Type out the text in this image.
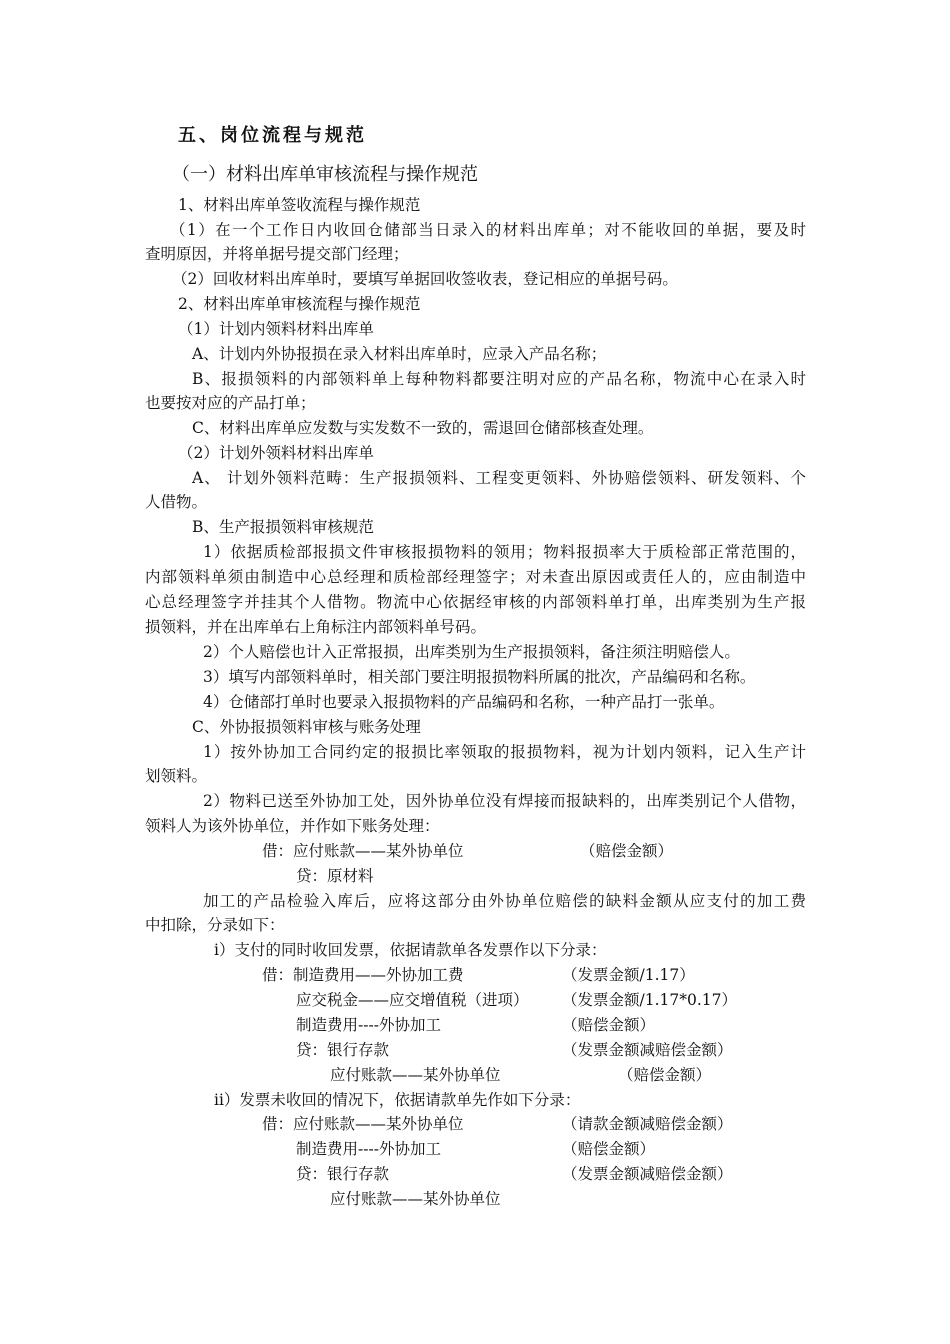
五、岗位流程与规范
（一）材料出库单审核流程与操作规范
1、材料出库单签收流程与操作规范
（1）在一个工作日内收回仓储部当日录入的材料出库单；对不能收回的单据，要及时
查明原因，并将单据号提交部门经理；
（2）回收材料出库单时，要填写单据回收签收表，登记相应的单据号码。
2、材料出库单审核流程与操作规范
（1）计划内领料材料出库单
A、计划内外协报损在录入材料出库单时，应录入产品名称；
B、报损领料的内部领料单上每种物料都要注明对应的产品名称，物流中心在录入时
也要按对应的产品打单；
C、材料出库单应发数与实发数不一致的，需退回仓储部核查处理。
（2）计划外领料材料出库单
A、 计划外领料范畴：生产报损领料、工程变更领料、外协赔偿领料、研发领料、个
人借物。
B、生产报损领料审核规范
1）依据质检部报损文件审核报损物料的领用；物料报损率大于质检部正常范围的，
内部领料单须由制造中心总经理和质检部经理签字；对未查出原因或责任人的，应由制造中
心总经理签字并挂其个人借物。物流中心依据经审核的内部领料单打单，出库类别为生产报
损领料，并在出库单右上角标注内部领料单号码。
2）个人赔偿也计入正常报损，出库类别为生产报损领料，备注须注明赔偿人。
3）填写内部领料单时，相关部门要注明报损物料所属的批次，产品编码和名称。
4）仓储部打单时也要录入报损物料的产品编码和名称，一种产品打一张单。
C、外协报损领料审核与账务处理
1）按外协加工合同约定的报损比率领取的报损物料，视为计划内领料，记入生产计
划领料。
2）物料已送至外协加工处，因外协单位没有焊接而报缺料的，出库类别记个人借物，
领料人为该外协单位，并作如下账务处理：
借：应付账款——某外协单位	（赔偿金额）
贷：原材料
加工的产品检验入库后，应将这部分由外协单位赔偿的缺料金额从应支付的加工费
中扣除，分录如下：
ⅰ）支付的同时收回发票，依据请款单各发票作以下分录：
借：制造费用——外协加工费	（发票金额/1.17）
应交税金——应交增值税（进项） （发票金额/1.17*0.17）
制造费用----外协加工	（赔偿金额）
贷：银行存款	（发票金额减赔偿金额）
应付账款——某外协单位	（赔偿金额）
ⅱ）发票未收回的情况下，依据请款单先作如下分录：
借：应付账款——某外协单位	（请款金额减赔偿金额）
制造费用----外协加工	（赔偿金额）
贷：银行存款	（发票金额减赔偿金额）
应付账款——某外协单位
